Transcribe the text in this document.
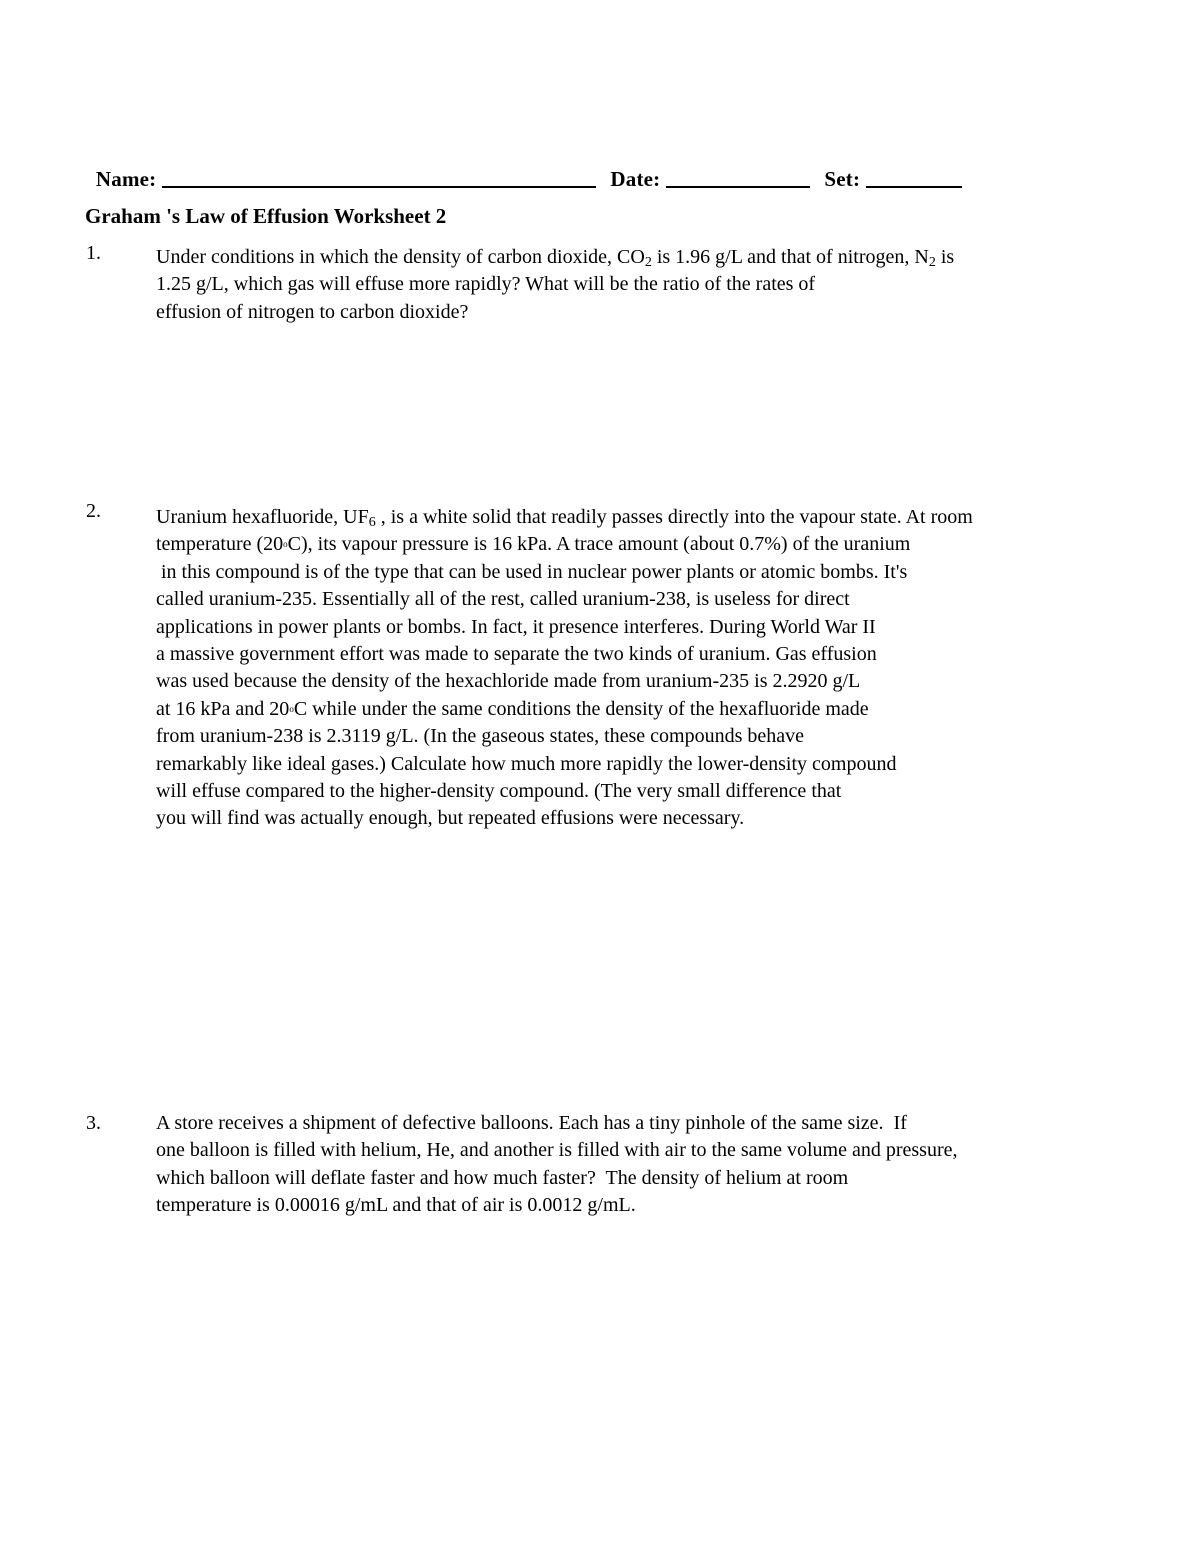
Name:	Date:	Set:

Graham 's Law of Effusion Worksheet 2
1.	Under conditions in which the density of carbon dioxide, $CO_2$ is 1.96 g/L and that of nitrogen, $N_2$ is
1.25 g/L, which gas will effuse more rapidly? What will be the ratio of the rates of
effusion of nitrogen to carbon dioxide?
2.	Uranium hexafluoride, $UF_6$ , is a white solid that readily passes directly into the vapour state. At room
temperature (20$^o$C), its vapour pressure is 16 kPa. A trace amount (about 0.7%) of the uranium
in this compound is of the type that can be used in nuclear power plants or atomic bombs. It's
called uranium-235. Essentially all of the rest, called uranium-238, is useless for direct
applications in power plants or bombs. In fact, it presence interferes. During World War II
a massive government effort was made to separate the two kinds of uranium. Gas effusion
was used because the density of the hexachloride made from uranium-235 is 2.2920 g/L
at 16 kPa and 20$^o$C while under the same conditions the density of the hexafluoride made
from uranium-238 is 2.3119 g/L. (In the gaseous states, these compounds behave
remarkably like ideal gases.) Calculate how much more rapidly the lower-density compound
will effuse compared to the higher-density compound. (The very small difference that
you will find was actually enough, but repeated effusions were necessary.
3.	A store receives a shipment of defective balloons. Each has a tiny pinhole of the same size.  If
one balloon is filled with helium, He, and another is filled with air to the same volume and pressure,
which balloon will deflate faster and how much faster?  The density of helium at room
temperature is 0.00016 g/mL and that of air is 0.0012 g/mL.
